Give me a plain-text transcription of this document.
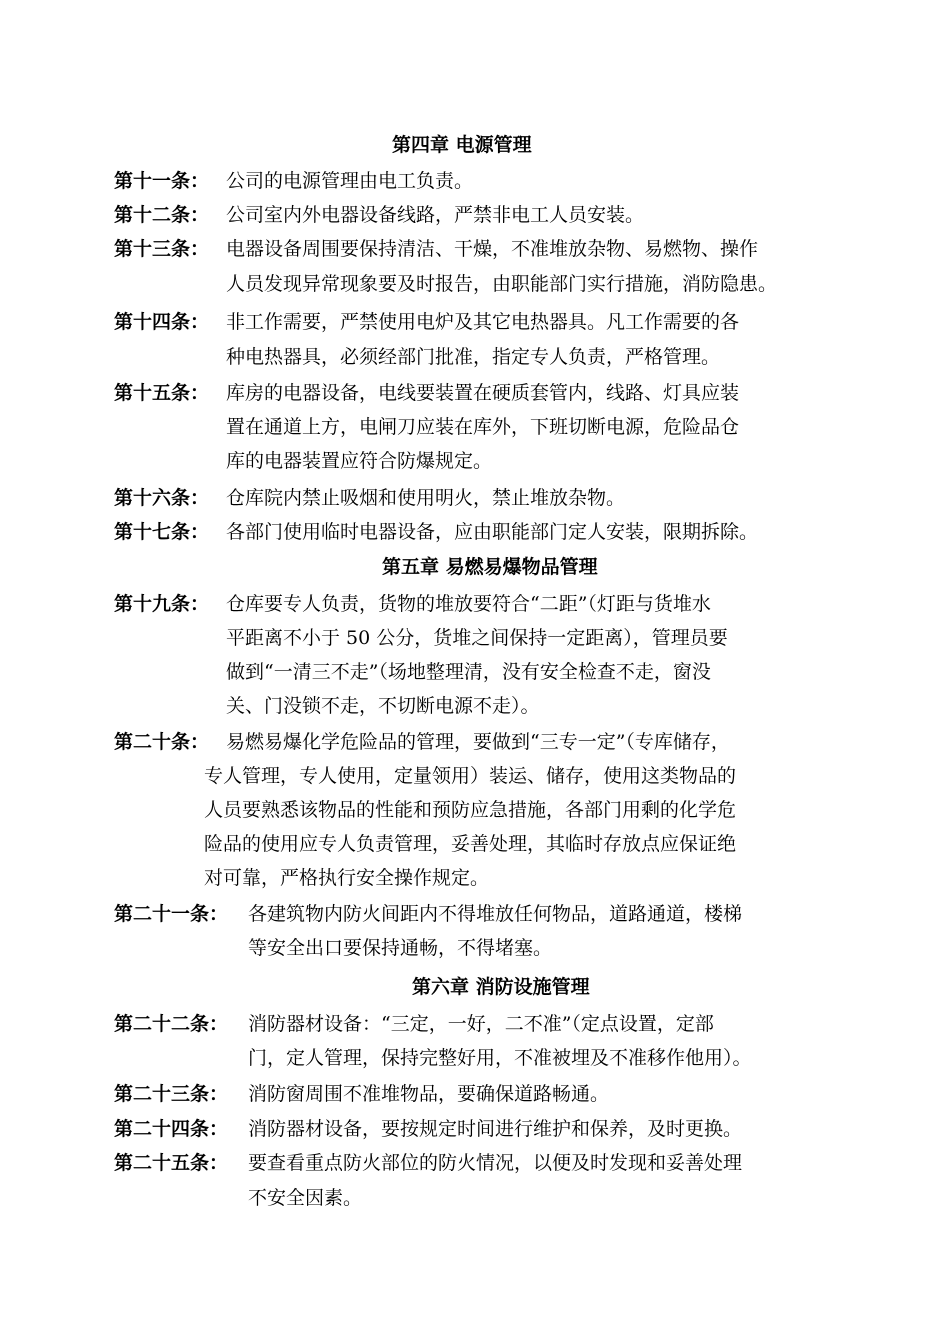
第四章 电源管理
第十一条： 公司的电源管理由电工负责。
第十二条： 公司室内外电器设备线路，严禁非电工人员安装。
第十三条： 电器设备周围要保持清洁、干燥，不准堆放杂物、易燃物、操作
人员发现异常现象要及时报告，由职能部门实行措施，消防隐患。
第十四条： 非工作需要，严禁使用电炉及其它电热器具。凡工作需要的各
种电热器具，必须经部门批准，指定专人负责，严格管理。
第十五条： 库房的电器设备，电线要装置在硬质套管内，线路、灯具应装
置在通道上方，电闸刀应装在库外，下班切断电源，危险品仓
库的电器装置应符合防爆规定。
第十六条： 仓库院内禁止吸烟和使用明火，禁止堆放杂物。
第十七条： 各部门使用临时电器设备，应由职能部门定人安装，限期拆除。
第五章 易燃易爆物品管理
第十九条： 仓库要专人负责，货物的堆放要符合“二距”（灯距与货堆水
平距离不小于 50 公分，货堆之间保持一定距离），管理员要
做到“一清三不走”（场地整理清，没有安全检查不走，窗没
关、门没锁不走，不切断电源不走）。
第二十条： 易燃易爆化学危险品的管理，要做到“三专一定”（专库储存，
专人管理，专人使用，定量领用）装运、储存，使用这类物品的
人员要熟悉该物品的性能和预防应急措施，各部门用剩的化学危
险品的使用应专人负责管理，妥善处理，其临时存放点应保证绝
对可靠，严格执行安全操作规定。
第二十一条： 各建筑物内防火间距内不得堆放任何物品，道路通道，楼梯
等安全出口要保持通畅，不得堵塞。
第六章 消防设施管理
第二十二条： 消防器材设备：“三定，一好，二不准”（定点设置，定部
门，定人管理，保持完整好用，不准被埋及不准移作他用）。
第二十三条： 消防窗周围不准堆物品，要确保道路畅通。
第二十四条： 消防器材设备，要按规定时间进行维护和保养，及时更换。
第二十五条： 要查看重点防火部位的防火情况，以便及时发现和妥善处理
不安全因素。
